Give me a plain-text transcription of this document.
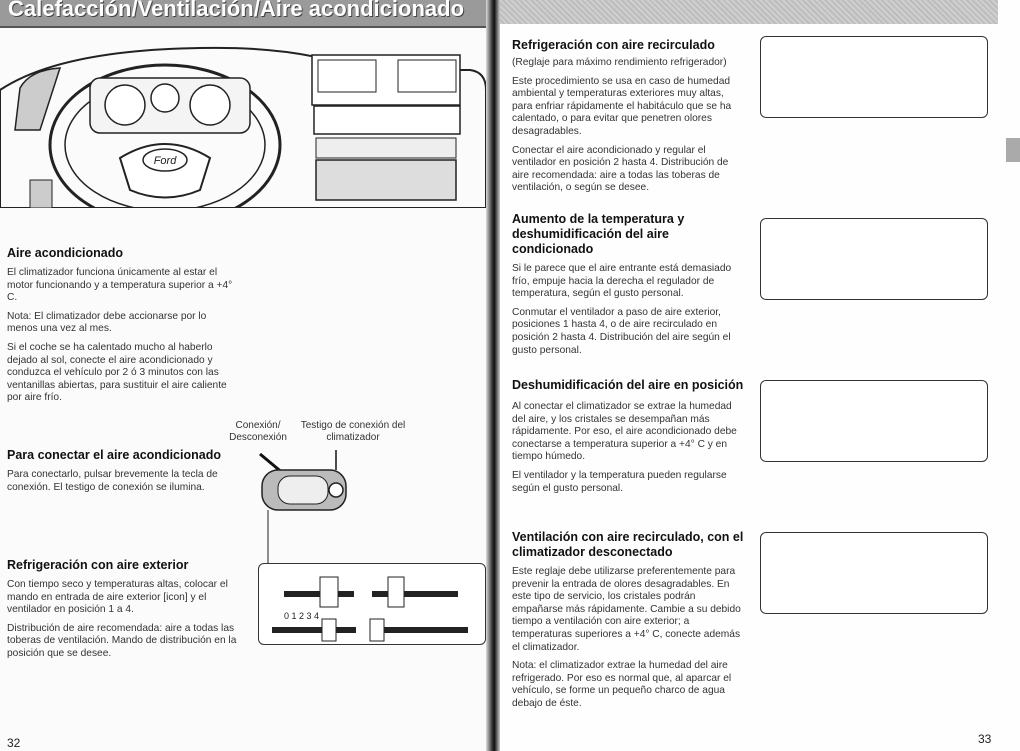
Calefacción/Ventilación/Aire acondicionado
Ford
Aire acondicionado

El climatizador funciona únicamente al estar el motor funcionando y a temperatura superior a +4° C.

Nota: El climatizador debe accionarse por lo menos una vez al mes.

Si el coche se ha calentado mucho al haberlo dejado al sol, conecte el aire acondicionado y conduzca el vehículo por 2 ó 3 minutos con las ventanillas abiertas, para sustituir el aire caliente por aire frío.

Conexión/ Desconexión
Testigo de conexión del climatizador
Para conectar el aire acondicionado

Para conectarlo, pulsar brevemente la tecla de conexión. El testigo de conexión se ilumina.

Refrigeración con aire exterior

Con tiempo seco y temperaturas altas, colocar el mando en entrada de aire exterior [icon] y el ventilador en posición 1 a 4.

Distribución de aire recomendada: aire a todas las toberas de ventilación. Mando de distribución en la posición que se desee.

0 1 2 3 4
32
Refrigeración con aire recirculado

(Reglaje para máximo rendimiento refrigerador)

Este procedimiento se usa en caso de humedad ambiental y temperaturas exteriores muy altas, para enfriar rápidamente el habitáculo que se ha calentado, o para evitar que penetren olores desagradables.

Conectar el aire acondicionado y regular el ventilador en posición 2 hasta 4. Distribución de aire recomendada: aire a todas las toberas de ventilación, o según se desee.

Aumento de la temperatura y deshumidificación del aire condicionado

Si le parece que el aire entrante está demasiado frío, empuje hacia la derecha el regulador de temperatura, según el gusto personal.

Conmutar el ventilador a paso de aire exterior, posiciones 1 hasta 4, o de aire recirculado en posición 2 hasta 4. Distribución del aire según el gusto personal.

Deshumidificación del aire en posición

Al conectar el climatizador se extrae la humedad del aire, y los cristales se desempañan más rápidamente. Por eso, el aire acondicionado debe conectarse a temperatura superior a +4° C y en tiempo húmedo.

El ventilador y la temperatura pueden regularse según el gusto personal.

Ventilación con aire recirculado, con el climatizador desconectado

Este reglaje debe utilizarse preferentemente para prevenir la entrada de olores desagradables. En este tipo de servicio, los cristales podrán empañarse más rápidamente. Cambie a su debido tiempo a ventilación con aire exterior; a temperaturas superiores a +4° C, conecte además el climatizador.

Nota: el climatizador extrae la humedad del aire refrigerado. Por eso es normal que, al aparcar el vehículo, se forme un pequeño charco de agua debajo de éste.

33
